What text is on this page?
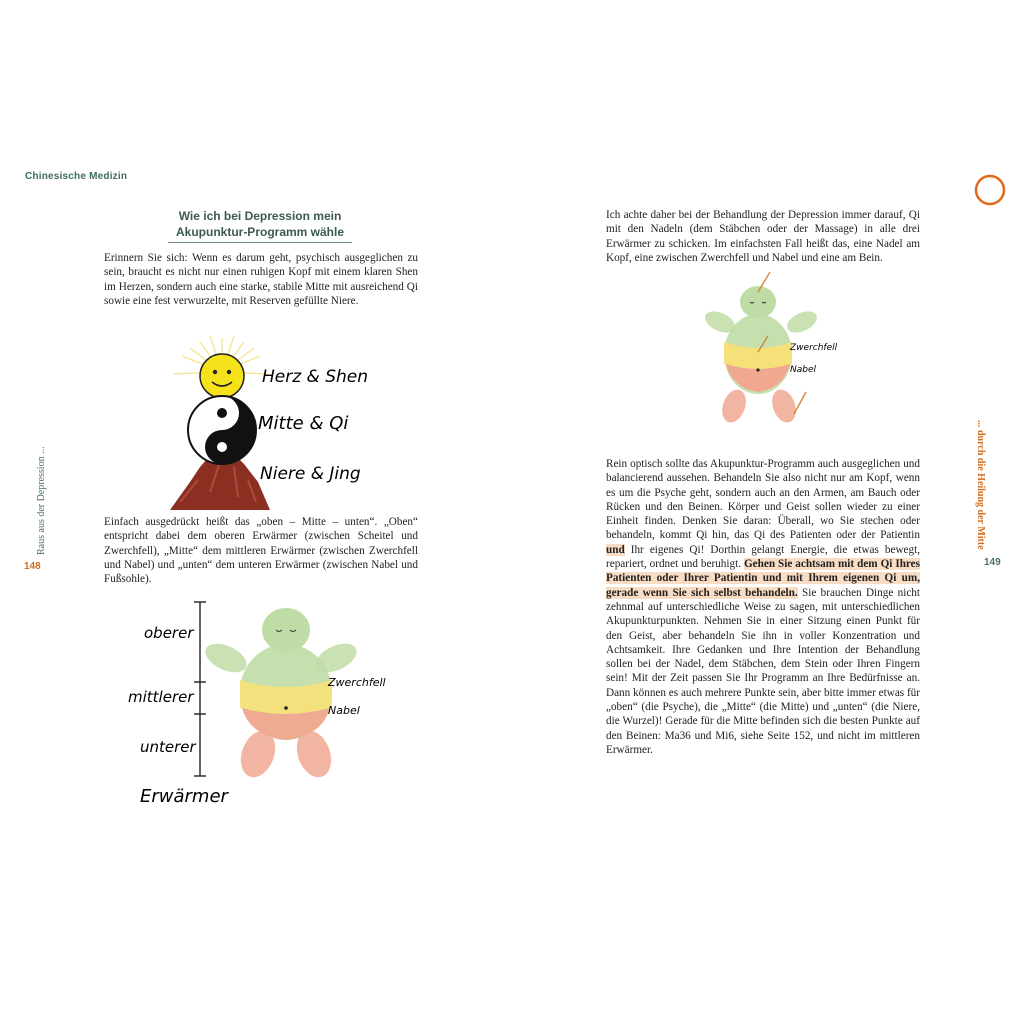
Chinesische Medizin
Raus aus der Depression ...
148
... durch die Heilung der Mitte
149
Wie ich bei Depression mein
Akupunktur-Programm wähle
Erinnern Sie sich: Wenn es darum geht, psychisch ausgeglichen zu sein, braucht es nicht nur einen ruhigen Kopf mit einem klaren Shen im Herzen, sondern auch eine starke, stabile Mitte mit ausreichend Qi sowie eine fest verwurzelte, mit Reserven gefüllte Niere.
Herz & Shen
Mitte & Qi
Niere & Jing
Einfach ausgedrückt heißt das „oben – Mitte – unten“. „Oben“ entspricht dabei dem oberen Erwärmer (zwischen Scheitel und Zwerchfell), „Mitte“ dem mittleren Erwärmer (zwischen Zwerchfell und Nabel) und „unten“ dem unteren Erwärmer (zwischen Nabel und Fußsohle).
oberer
mittlerer
unterer
Erwärmer
Zwerchfell
Nabel
Ich achte daher bei der Behandlung der Depression immer darauf, Qi mit den Nadeln (dem Stäbchen oder der Massage) in alle drei Erwärmer zu schicken. Im einfachsten Fall heißt das, eine Nadel am Kopf, eine zwischen Zwerchfell und Nabel und eine am Bein.
Zwerchfell
Nabel
Rein optisch sollte das Akupunktur-Programm auch ausgeglichen und balancierend aussehen. Behandeln Sie also nicht nur am Kopf, wenn es um die Psyche geht, sondern auch an den Armen, am Bauch oder Rücken und den Beinen. Körper und Geist sollen wieder zu einer Einheit finden. Denken Sie daran: Überall, wo Sie stechen oder behandeln, kommt Qi hin, das Qi des Patienten oder der Patientin und Ihr eigenes Qi! Dorthin gelangt Energie, die etwas bewegt, repariert, ordnet und beruhigt. Gehen Sie achtsam mit dem Qi Ihres Patienten oder Ihrer Patientin und mit Ihrem eigenen Qi um, gerade wenn Sie sich selbst behandeln. Sie brauchen Dinge nicht zehnmal auf unterschiedliche Weise zu sagen, mit unterschiedlichen Akupunkturpunkten. Nehmen Sie in einer Sitzung einen Punkt für den Geist, aber behandeln Sie ihn in voller Konzentration und Achtsamkeit. Ihre Gedanken und Ihre Intention der Behandlung sollen bei der Nadel, dem Stäbchen, dem Stein oder Ihren Fingern sein! Mit der Zeit passen Sie Ihr Programm an Ihre Bedürfnisse an. Dann können es auch mehrere Punkte sein, aber bitte immer etwas für „oben“ (die Psyche), die „Mitte“ (die Mitte) und „unten“ (die Niere, die Wurzel)! Gerade für die Mitte befinden sich die besten Punkte auf den Beinen: Ma36 und Mi6, siehe Seite 152, und nicht im mittleren Erwärmer.
